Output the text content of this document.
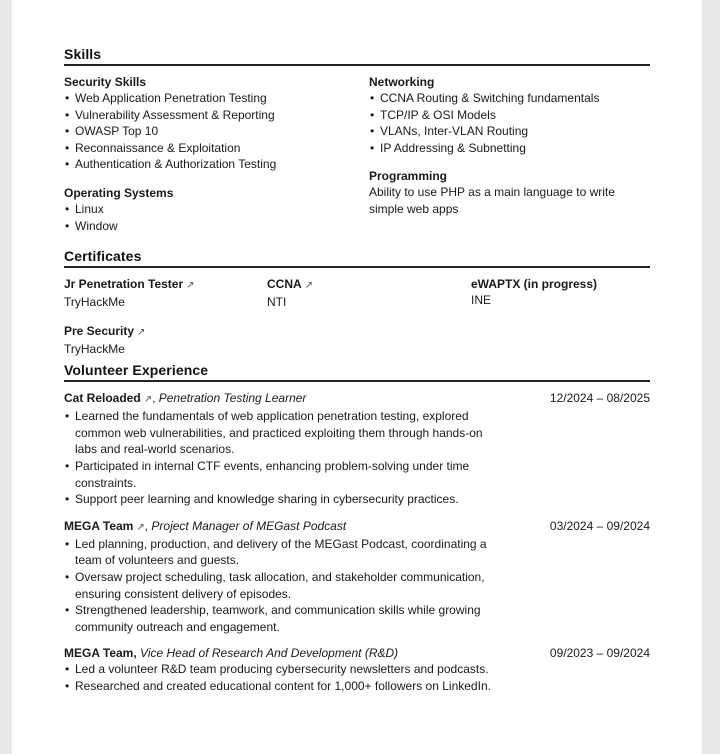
Skills
Security Skills
• Web Application Penetration Testing
• Vulnerability Assessment & Reporting
• OWASP Top 10
• Reconnaissance & Exploitation
• Authentication & Authorization Testing
Operating Systems
• Linux
• Window
Networking
• CCNA Routing & Switching fundamentals
• TCP/IP & OSI Models
• VLANs, Inter-VLAN Routing
• IP Addressing & Subnetting
Programming
Ability to use PHP as a main language to write simple web apps
Certificates
Jr Penetration Tester ↗
TryHackMe
CCNA ↗
NTI
eWAPTX (in progress)
INE
Pre Security ↗
TryHackMe
Volunteer Experience
Cat Reloaded ↗, Penetration Testing Learner	12/2024 – 08/2025
• Learned the fundamentals of web application penetration testing, explored common web vulnerabilities, and practiced exploiting them through hands-on labs and real-world scenarios.
• Participated in internal CTF events, enhancing problem-solving under time constraints.
• Support peer learning and knowledge sharing in cybersecurity practices.
MEGA Team ↗, Project Manager of MEGast Podcast	03/2024 – 09/2024
• Led planning, production, and delivery of the MEGast Podcast, coordinating a team of volunteers and guests.
• Oversaw project scheduling, task allocation, and stakeholder communication, ensuring consistent delivery of episodes.
• Strengthened leadership, teamwork, and communication skills while growing community outreach and engagement.
MEGA Team, Vice Head of Research And Development (R&D)	09/2023 – 09/2024
• Led a volunteer R&D team producing cybersecurity newsletters and podcasts.
• Researched and created educational content for 1,000+ followers on LinkedIn.
